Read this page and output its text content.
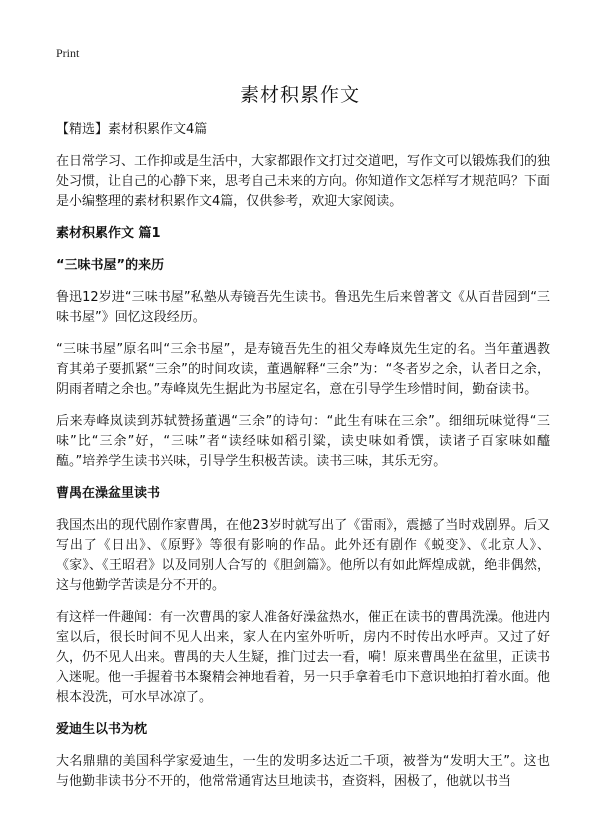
Print
素材积累作文
【精选】素材积累作文4篇

在日常学习、工作抑或是生活中，大家都跟作文打过交道吧，写作文可以锻炼我们的独处习惯，让自己的心静下来，思考自己未来的方向。你知道作文怎样写才规范吗？下面是小编整理的素材积累作文4篇，仅供参考，欢迎大家阅读。

素材积累作文 篇1
“三味书屋”的来历

鲁迅12岁进“三味书屋”私塾从寿镜吾先生读书。鲁迅先生后来曾著文《从百昔园到“三味书屋”》回忆这段经历。

“三味书屋”原名叫“三余书屋”，是寿镜吾先生的祖父寿峰岚先生定的名。当年董遇教育其弟子要抓紧“三余”的时间攻读，董遇解释“三余”为：“冬者岁之余，认者日之余，阴雨者晴之余也。”寿峰岚先生据此为书屋定名，意在引导学生珍惜时间，勤奋读书。

后来寿峰岚读到苏轼赞扬董遇“三余”的诗句：“此生有味在三余”。细细玩味觉得“三味”比“三余”好，“三味”者“读经味如稻引粱，读史味如肴馔，读诸子百家味如醯醢。”培养学生读书兴味，引导学生积极苦读。读书三味，其乐无穷。

曹禺在澡盆里读书

我国杰出的现代剧作家曹禺，在他23岁时就写出了《雷雨》，震撼了当时戏剧界。后又写出了《日出》、《原野》等很有影响的作品。此外还有剧作《蜕变》、《北京人》、《家》、《王昭君》以及同别人合写的《胆剑篇》。他所以有如此辉煌成就，绝非偶然，这与他勤学苦读是分不开的。

有这样一件趣闻：有一次曹禺的家人准备好澡盆热水，催正在读书的曹禺洗澡。他进内室以后，很长时间不见人出来，家人在内室外听听，房内不时传出水呼声。又过了好久，仍不见人出来。曹禺的夫人生疑，推门过去一看，嗬！原来曹禺坐在盆里，正读书入迷呢。他一手握着书本聚精会神地看着，另一只手拿着毛巾下意识地拍打着水面。他根本没洗，可水早冰凉了。

爱迪生以书为枕

大名鼎鼎的美国科学家爱迪生，一生的发明多达近二千项，被誉为“发明大王”。这也与他勤非读书分不开的，他常常通宵达旦地读书，查资料，困极了，他就以书当
